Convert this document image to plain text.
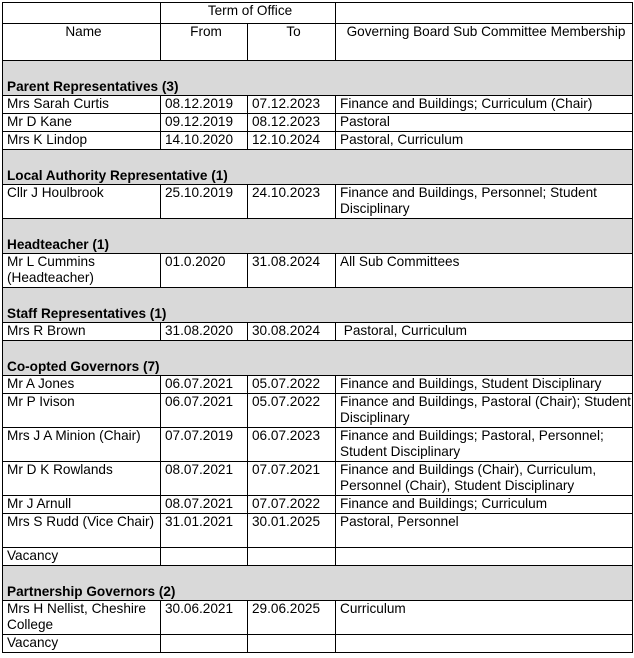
	Term of Office		
Name	From	To	Governing Board Sub Committee Membership
Parent Representatives (3)			
Mrs Sarah Curtis	08.12.2019	07.12.2023	Finance and Buildings; Curriculum (Chair)
Mr D Kane	09.12.2019	08.12.2023	Pastoral
Mrs K Lindop	14.10.2020	12.10.2024	Pastoral, Curriculum
Local Authority Representative (1)			
Cllr J Houlbrook	25.10.2019	24.10.2023	Finance and Buildings, Personnel; Student Disciplinary
Headteacher (1)			
Mr L Cummins (Headteacher)	01.0.2020	31.08.2024	All Sub Committees
Staff Representatives (1)			
Mrs R Brown	31.08.2020	30.08.2024	Pastoral, Curriculum
Co-opted Governors (7)			
Mr A Jones	06.07.2021	05.07.2022	Finance and Buildings, Student Disciplinary
Mr P Ivison	06.07.2021	05.07.2022	Finance and Buildings, Pastoral (Chair); Student Disciplinary
Mrs J A Minion (Chair)	07.07.2019	06.07.2023	Finance and Buildings; Pastoral, Personnel; Student Disciplinary
Mr D K Rowlands	08.07.2021	07.07.2021	Finance and Buildings (Chair), Curriculum, Personnel (Chair), Student Disciplinary
Mr J Arnull	08.07.2021	07.07.2022	Finance and Buildings; Curriculum
Mrs S Rudd (Vice Chair)	31.01.2021	30.01.2025	Pastoral, Personnel
Vacancy			
Partnership Governors (2)			
Mrs H Nellist, Cheshire College	30.06.2021	29.06.2025	Curriculum
Vacancy			
